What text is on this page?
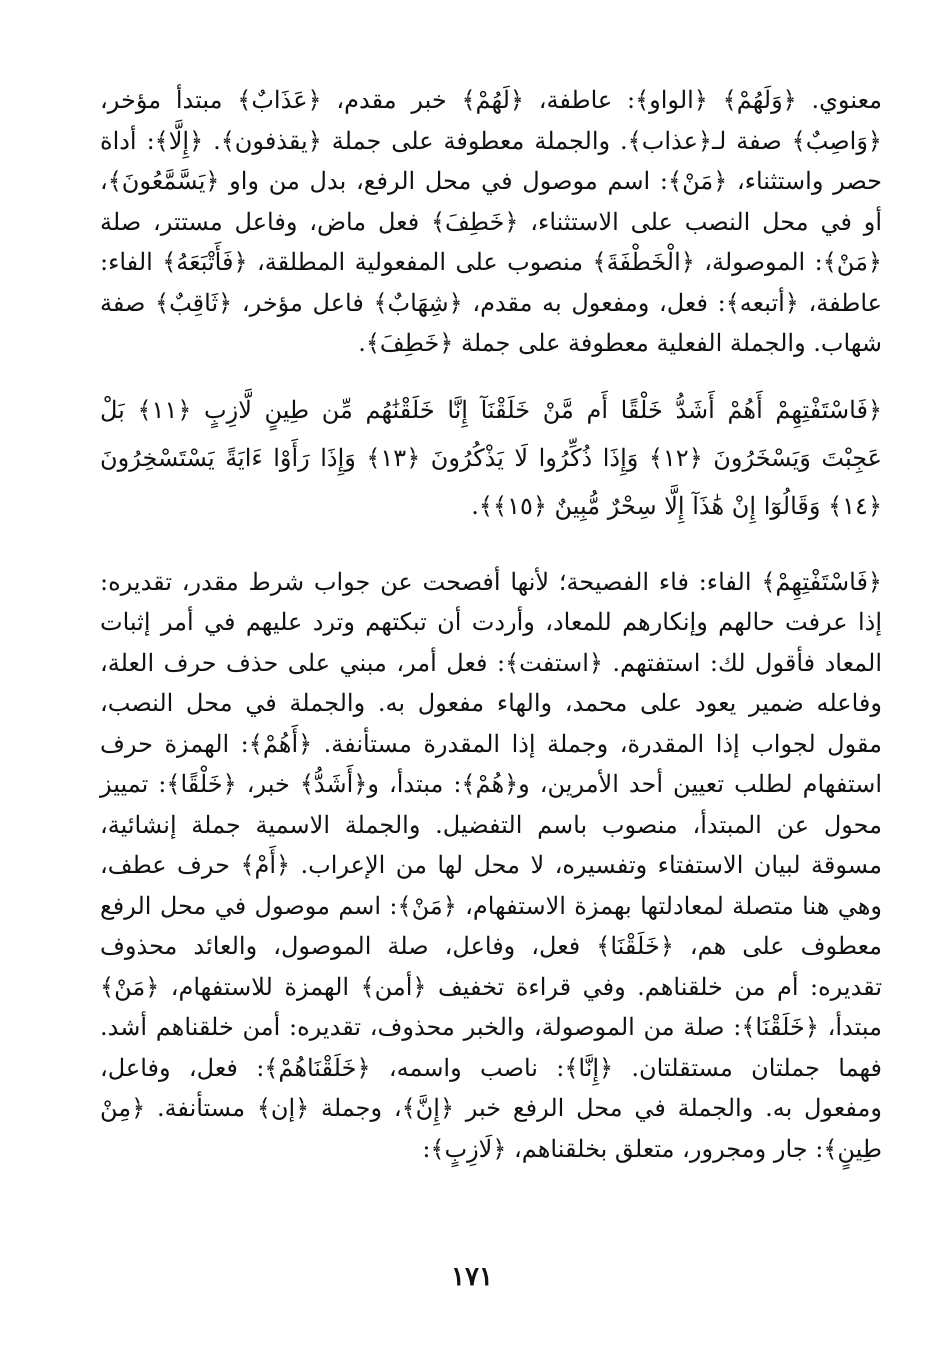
معنوي. ﴿وَلَهُمْ﴾ ﴿الواو﴾: عاطفة، ﴿لَهُمْ﴾ خبر مقدم، ﴿عَذَابٌ﴾ مبتدأ مؤخر، ﴿وَاصِبٌ﴾ صفة لـ﴿عذاب﴾. والجملة معطوفة على جملة ﴿يقذفون﴾. ﴿إِلَّا﴾: أداة حصر واستثناء، ﴿مَنْ﴾: اسم موصول في محل الرفع، بدل من واو ﴿يَسَّمَّعُونَ﴾، أو في محل النصب على الاستثناء، ﴿خَطِفَ﴾ فعل ماض، وفاعل مستتر، صلة ﴿مَنْ﴾: الموصولة، ﴿الْخَطْفَةَ﴾ منصوب على المفعولية المطلقة، ﴿فَأَتْبَعَهُ﴾ الفاء: عاطفة، ﴿أتبعه﴾: فعل، ومفعول به مقدم، ﴿شِهَابٌ﴾ فاعل مؤخر، ﴿ثَاقِبٌ﴾ صفة شهاب. والجملة الفعلية معطوفة على جملة ﴿خَطِفَ﴾.

﴿فَاسْتَفْتِهِمْ أَهُمْ أَشَدُّ خَلْقًا أَم مَّنْ خَلَقْنَآ إِنَّا خَلَقْنَٰهُم مِّن طِينٍ لَّازِبٍ ﴿١١﴾ بَلْ عَجِبْتَ وَيَسْخَرُونَ ﴿١٢﴾ وَإِذَا ذُكِّرُوا لَا يَذْكُرُونَ ﴿١٣﴾ وَإِذَا رَأَوْا ءَايَةً يَسْتَسْخِرُونَ ﴿١٤﴾ وَقَالُوٓا إِنْ هَٰذَآ إِلَّا سِحْرٌ مُّبِينٌ ﴿١٥﴾﴾.

﴿فَاسْتَفْتِهِمْ﴾ الفاء: فاء الفصيحة؛ لأنها أفصحت عن جواب شرط مقدر، تقديره: إذا عرفت حالهم وإنكارهم للمعاد، وأردت أن تبكتهم وترد عليهم في أمر إثبات المعاد فأقول لك: استفتهم. ﴿استفت﴾: فعل أمر، مبني على حذف حرف العلة، وفاعله ضمير يعود على محمد، والهاء مفعول به. والجملة في محل النصب، مقول لجواب إذا المقدرة، وجملة إذا المقدرة مستأنفة. ﴿أَهُمْ﴾: الهمزة حرف استفهام لطلب تعيين أحد الأمرين، و﴿هُمْ﴾: مبتدأ، و﴿أَشَدُّ﴾ خبر، ﴿خَلْقًا﴾: تمييز محول عن المبتدأ، منصوب باسم التفضيل. والجملة الاسمية جملة إنشائية، مسوقة لبيان الاستفتاء وتفسيره، لا محل لها من الإعراب. ﴿أَمْ﴾ حرف عطف، وهي هنا متصلة لمعادلتها بهمزة الاستفهام، ﴿مَنْ﴾: اسم موصول في محل الرفع معطوف على هم، ﴿خَلَقْنَا﴾ فعل، وفاعل، صلة الموصول، والعائد محذوف تقديره: أم من خلقناهم. وفي قراءة تخفيف ﴿أمن﴾ الهمزة للاستفهام، ﴿مَنْ﴾ مبتدأ، ﴿خَلَقْنَا﴾: صلة من الموصولة، والخبر محذوف، تقديره: أمن خلقناهم أشد. فهما جملتان مستقلتان. ﴿إِنَّا﴾: ناصب واسمه، ﴿خَلَقْنَاهُمْ﴾: فعل، وفاعل، ومفعول به. والجملة في محل الرفع خبر ﴿إِنَّ﴾، وجملة ﴿إن﴾ مستأنفة. ﴿مِنْ طِينٍ﴾: جار ومجرور، متعلق بخلقناهم، ﴿لَازِبٍ﴾:

١٧١
